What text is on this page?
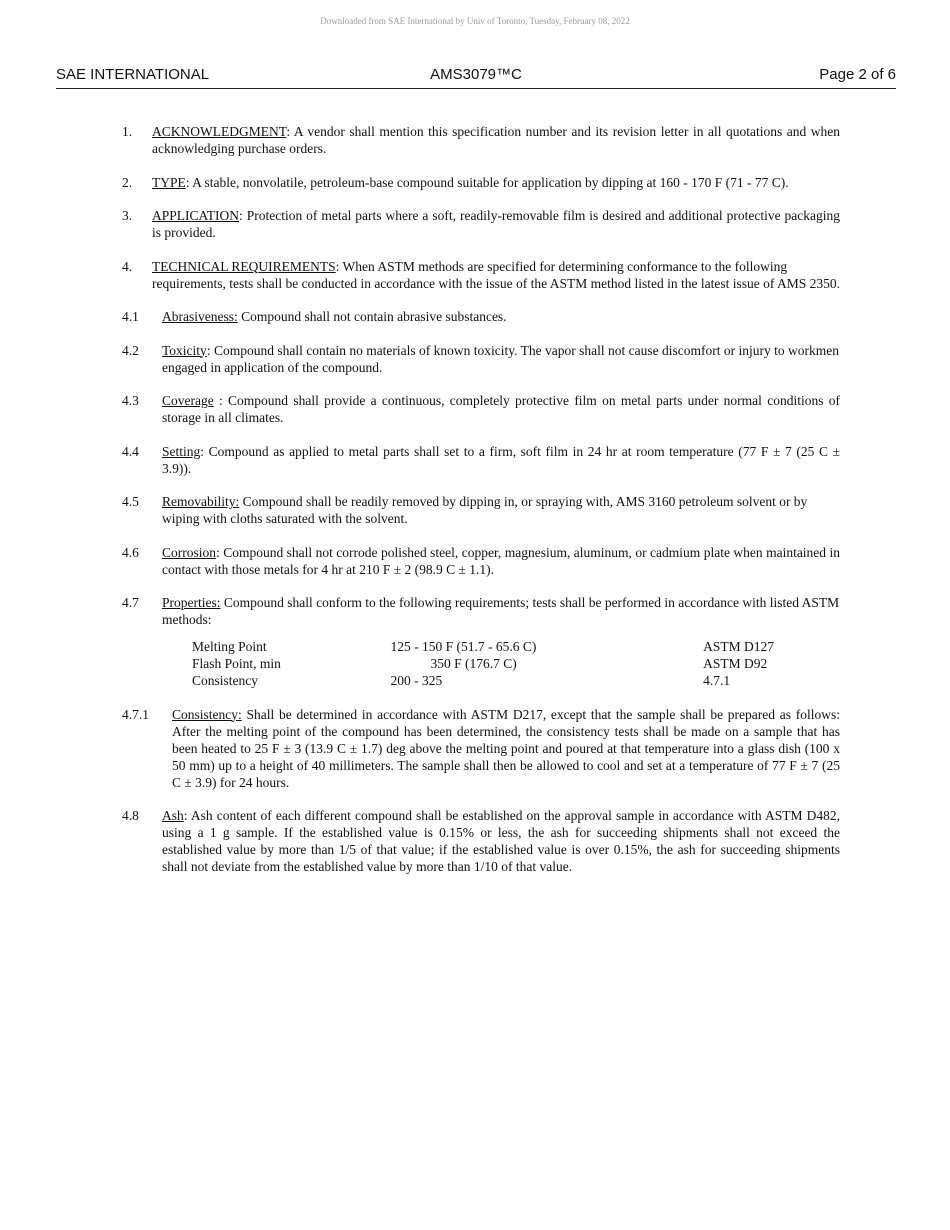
Downloaded from SAE International by Univ of Toronto, Tuesday, February 08, 2022
SAE INTERNATIONAL	AMS3079™C	Page 2 of 6
1. ACKNOWLEDGMENT: A vendor shall mention this specification number and its revision letter in all quotations and when acknowledging purchase orders.
2. TYPE: A stable, nonvolatile, petroleum-base compound suitable for application by dipping at 160 - 170 F (71 - 77 C).
3. APPLICATION: Protection of metal parts where a soft, readily-removable film is desired and additional protective packaging is provided.
4. TECHNICAL REQUIREMENTS: When ASTM methods are specified for determining conformance to the following requirements, tests shall be conducted in accordance with the issue of the ASTM method listed in the latest issue of AMS 2350.
4.1 Abrasiveness: Compound shall not contain abrasive substances.
4.2 Toxicity: Compound shall contain no materials of known toxicity. The vapor shall not cause discomfort or injury to workmen engaged in application of the compound.
4.3 Coverage : Compound shall provide a continuous, completely protective film on metal parts under normal conditions of storage in all climates.
4.4 Setting: Compound as applied to metal parts shall set to a firm, soft film in 24 hr at room temperature (77 F ± 7 (25 C ± 3.9)).
4.5 Removability: Compound shall be readily removed by dipping in, or spraying with, AMS 3160 petroleum solvent or by wiping with cloths saturated with the solvent.
4.6 Corrosion: Compound shall not corrode polished steel, copper, magnesium, aluminum, or cadmium plate when maintained in contact with those metals for 4 hr at 210 F ± 2 (98.9 C ± 1.1).
4.7 Properties: Compound shall conform to the following requirements; tests shall be performed in accordance with listed ASTM methods:
Melting Point	125 - 150 F (51.7 - 65.6 C)	ASTM D127
Flash Point, min	350 F (176.7 C)	ASTM D92
Consistency	200 - 325	4.7.1
4.7.1 Consistency: Shall be determined in accordance with ASTM D217, except that the sample shall be prepared as follows: After the melting point of the compound has been determined, the consistency tests shall be made on a sample that has been heated to 25 F ± 3 (13.9 C ± 1.7) deg above the melting point and poured at that temperature into a glass dish (100 x 50 mm) up to a height of 40 millimeters. The sample shall then be allowed to cool and set at a temperature of 77 F ± 7 (25 C ± 3.9) for 24 hours.
4.8 Ash: Ash content of each different compound shall be established on the approval sample in accordance with ASTM D482, using a 1 g sample. If the established value is 0.15% or less, the ash for succeeding shipments shall not exceed the established value by more than 1/5 of that value; if the established value is over 0.15%, the ash for succeeding shipments shall not deviate from the established value by more than 1/10 of that value.
